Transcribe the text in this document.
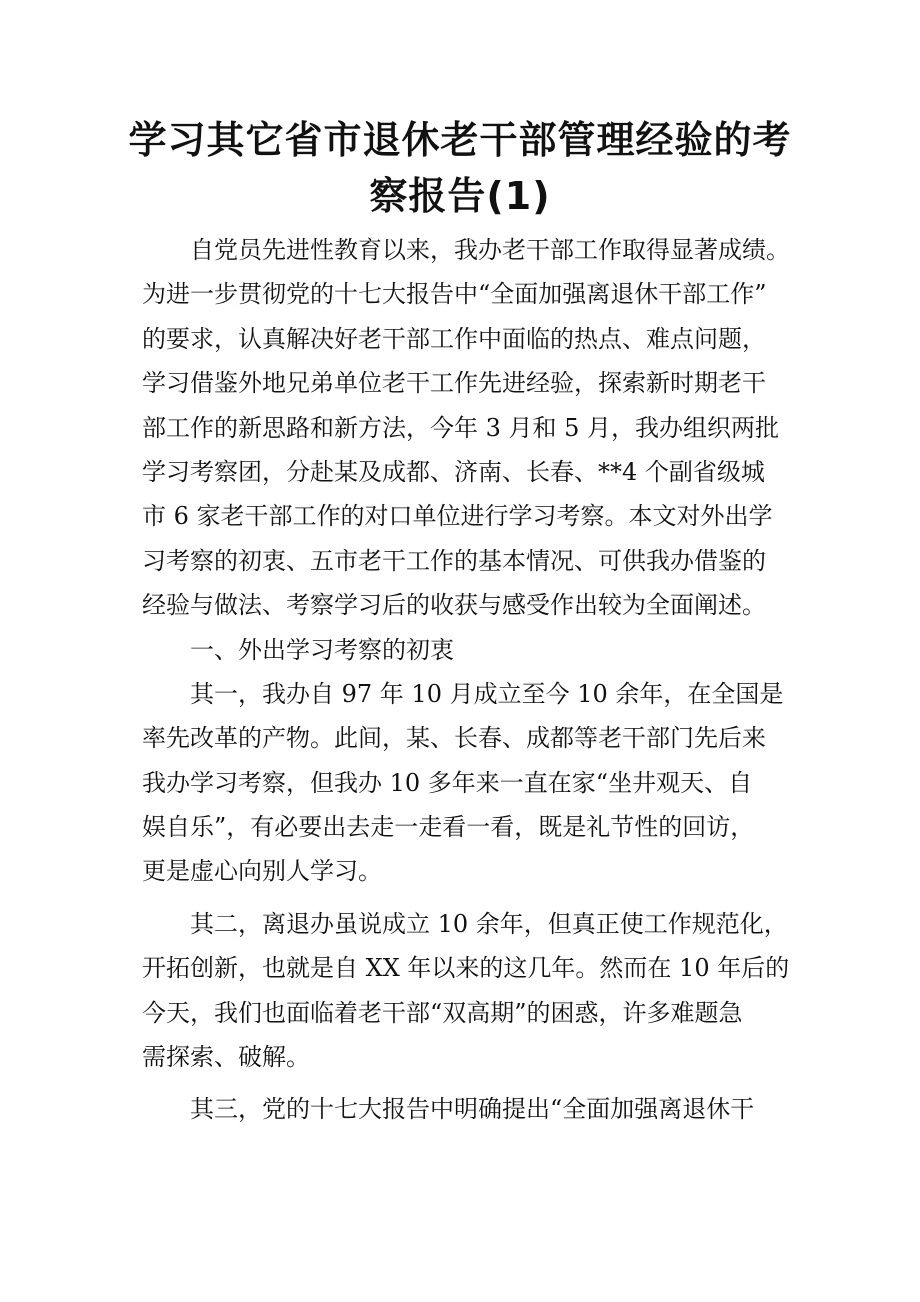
学习其它省市退休老干部管理经验的考
察报告(1)
自党员先进性教育以来，我办老干部工作取得显著成绩。
为进一步贯彻党的十七大报告中“全面加强离退休干部工作”
的要求，认真解决好老干部工作中面临的热点、难点问题，
学习借鉴外地兄弟单位老干工作先进经验，探索新时期老干
部工作的新思路和新方法，今年 3 月和 5 月，我办组织两批
学习考察团，分赴某及成都、济南、长春、**4 个副省级城
市 6 家老干部工作的对口单位进行学习考察。本文对外出学
习考察的初衷、五市老干工作的基本情况、可供我办借鉴的
经验与做法、考察学习后的收获与感受作出较为全面阐述。
一、外出学习考察的初衷
其一，我办自 97 年 10 月成立至今 10 余年，在全国是
率先改革的产物。此间，某、长春、成都等老干部门先后来
我办学习考察，但我办 10 多年来一直在家“坐井观天、自
娱自乐”，有必要出去走一走看一看，既是礼节性的回访，
更是虚心向别人学习。
其二，离退办虽说成立 10 余年，但真正使工作规范化，
开拓创新，也就是自 XX 年以来的这几年。然而在 10 年后的
今天，我们也面临着老干部“双高期”的困惑，许多难题急
需探索、破解。
其三，党的十七大报告中明确提出“全面加强离退休干
